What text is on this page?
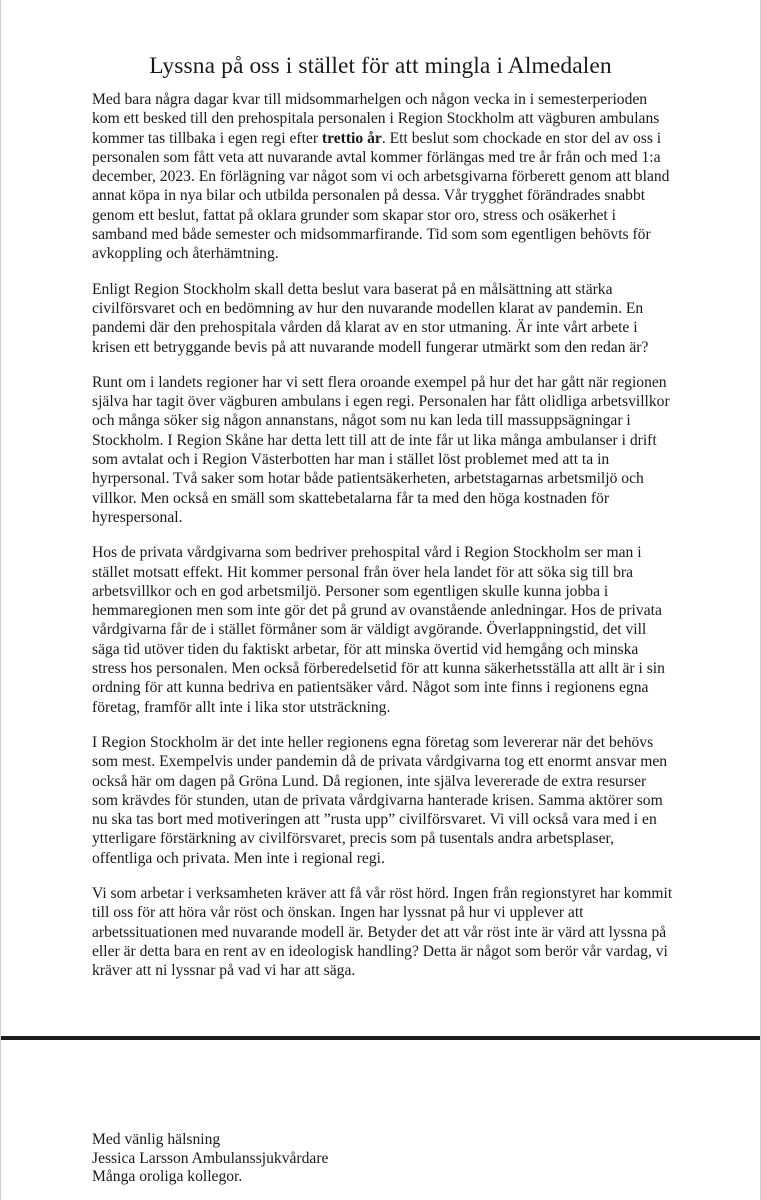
Lyssna på oss i stället för att mingla i Almedalen

Med bara några dagar kvar till midsommarhelgen och någon vecka in i semesterperioden kom ett besked till den prehospitala personalen i Region Stockholm att vägburen ambulans kommer tas tillbaka i egen regi efter trettio år. Ett beslut som chockade en stor del av oss i personalen som fått veta att nuvarande avtal kommer förlängas med tre år från och med 1:a december, 2023. En förlägning var något som vi och arbetsgivarna förberett genom att bland annat köpa in nya bilar och utbilda personalen på dessa. Vår trygghet förändrades snabbt genom ett beslut, fattat på oklara grunder som skapar stor oro, stress och osäkerhet i samband med både semester och midsommarfirande. Tid som som egentligen behövts för avkoppling och återhämtning.

Enligt Region Stockholm skall detta beslut vara baserat på en målsättning att stärka civilförsvaret och en bedömning av hur den nuvarande modellen klarat av pandemin. En pandemi där den prehospitala vården då klarat av en stor utmaning. Är inte vårt arbete i krisen ett betryggande bevis på att nuvarande modell fungerar utmärkt som den redan är?

Runt om i landets regioner har vi sett flera oroande exempel på hur det har gått när regionen själva har tagit över vägburen ambulans i egen regi. Personalen har fått olidliga arbetsvillkor och många söker sig någon annanstans, något som nu kan leda till massuppsägningar i Stockholm. I Region Skåne har detta lett till att de inte får ut lika många ambulanser i drift som avtalat och i Region Västerbotten har man i stället löst problemet med att ta in hyrpersonal. Två saker som hotar både patientsäkerheten, arbetstagarnas arbetsmiljö och villkor. Men också en smäll som skattebetalarna får ta med den höga kostnaden för hyrespersonal.

Hos de privata vårdgivarna som bedriver prehospital vård i Region Stockholm ser man i stället motsatt effekt. Hit kommer personal från över hela landet för att söka sig till bra arbetsvillkor och en god arbetsmiljö. Personer som egentligen skulle kunna jobba i hemmaregionen men som inte gör det på grund av ovanstående anledningar. Hos de privata vårdgivarna får de i stället förmåner som är väldigt avgörande. Överlappningstid, det vill säga tid utöver tiden du faktiskt arbetar, för att minska övertid vid hemgång och minska stress hos personalen. Men också förberedelsetid för att kunna säkerhetsställa att allt är i sin ordning för att kunna bedriva en patientsäker vård. Något som inte finns i regionens egna företag, framför allt inte i lika stor utsträckning.

I Region Stockholm är det inte heller regionens egna företag som levererar när det behövs som mest. Exempelvis under pandemin då de privata vårdgivarna tog ett enormt ansvar men också här om dagen på Gröna Lund. Då regionen, inte själva levererade de extra resurser som krävdes för stunden, utan de privata vårdgivarna hanterade krisen. Samma aktörer som nu ska tas bort med motiveringen att ”rusta upp” civilförsvaret. Vi vill också vara med i en ytterligare förstärkning av civilförsvaret, precis som på tusentals andra arbetsplaser, offentliga och privata. Men inte i regional regi.

Vi som arbetar i verksamheten kräver att få vår röst hörd. Ingen från regionstyret har kommit till oss för att höra vår röst och önskan. Ingen har lyssnat på hur vi upplever att arbetssituationen med nuvarande modell är. Betyder det att vår röst inte är värd att lyssna på eller är detta bara en rent av en ideologisk handling? Detta är något som berör vår vardag, vi kräver att ni lyssnar på vad vi har att säga.

Med vänlig hälsning
Jessica Larsson Ambulanssjukvårdare
Många oroliga kollegor.
